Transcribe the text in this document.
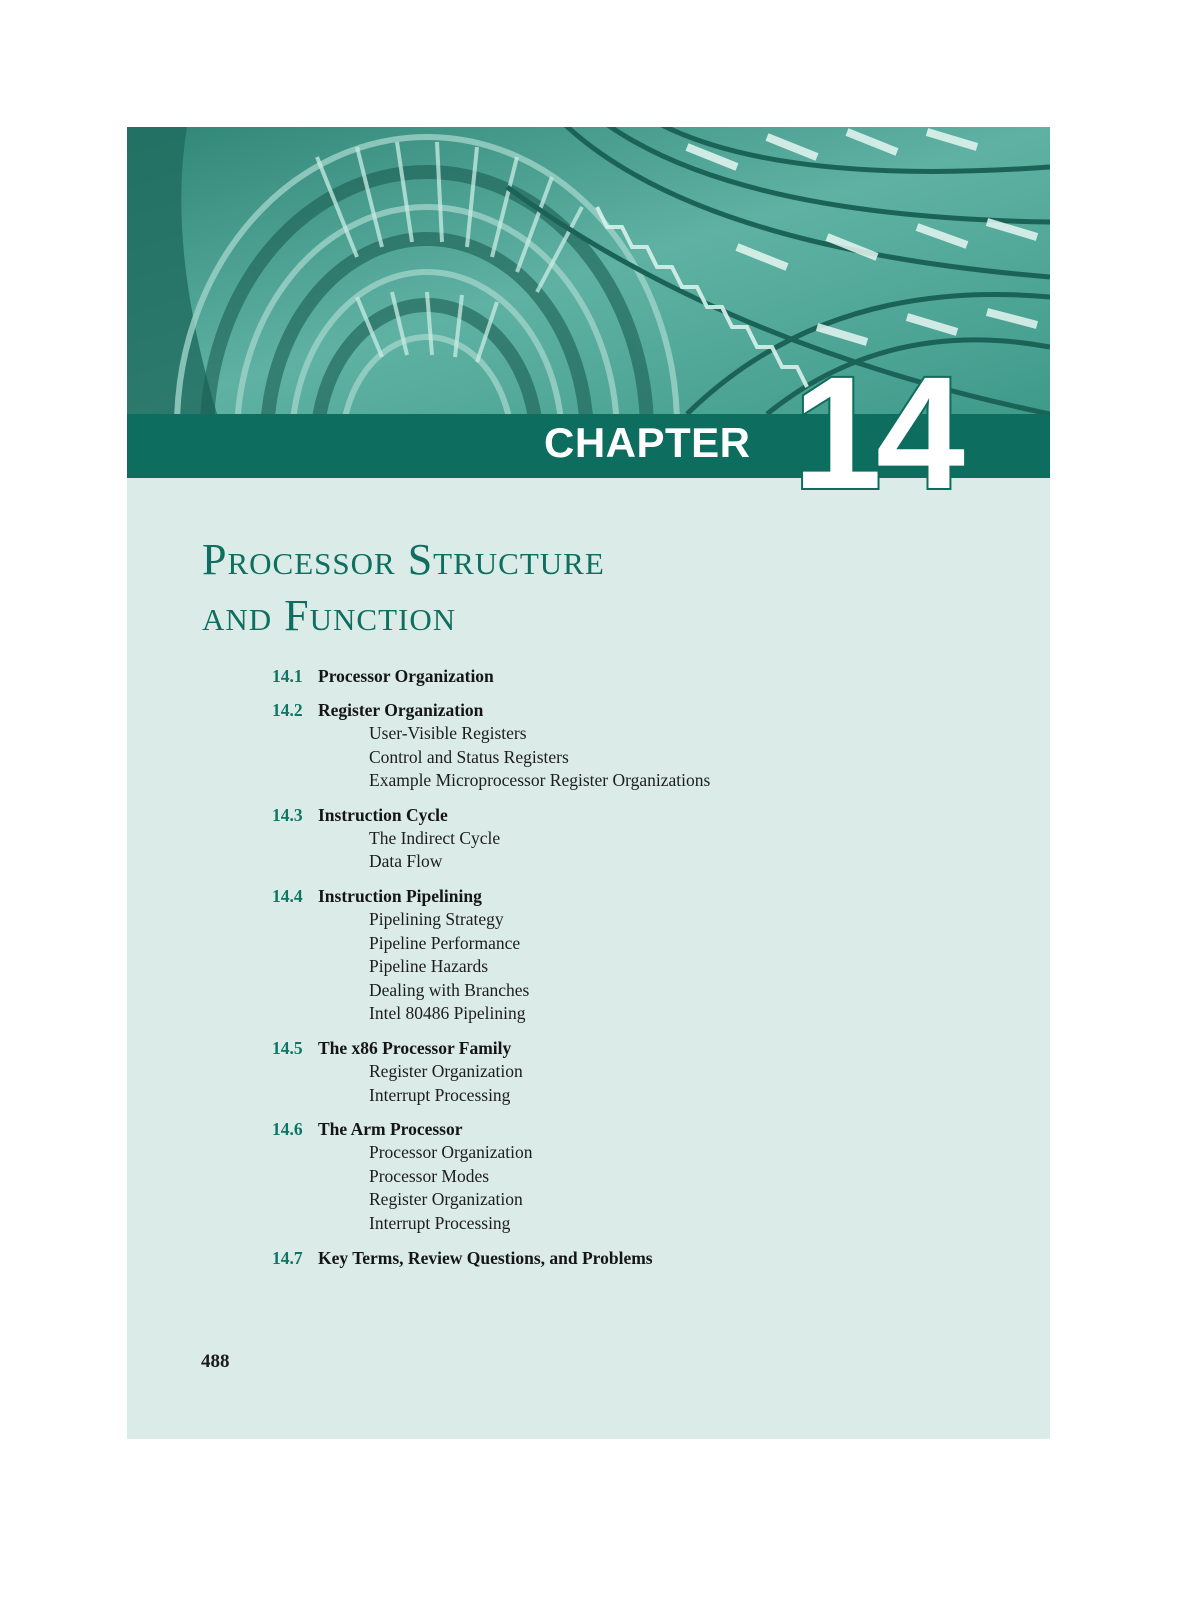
CHAPTER 14
Processor Structure
and Function
14.1 Processor Organization
14.2 Register Organization
User-Visible Registers
Control and Status Registers
Example Microprocessor Register Organizations
14.3 Instruction Cycle
The Indirect Cycle
Data Flow
14.4 Instruction Pipelining
Pipelining Strategy
Pipeline Performance
Pipeline Hazards
Dealing with Branches
Intel 80486 Pipelining
14.5 The x86 Processor Family
Register Organization
Interrupt Processing
14.6 The Arm Processor
Processor Organization
Processor Modes
Register Organization
Interrupt Processing
14.7 Key Terms, Review Questions, and Problems
488
